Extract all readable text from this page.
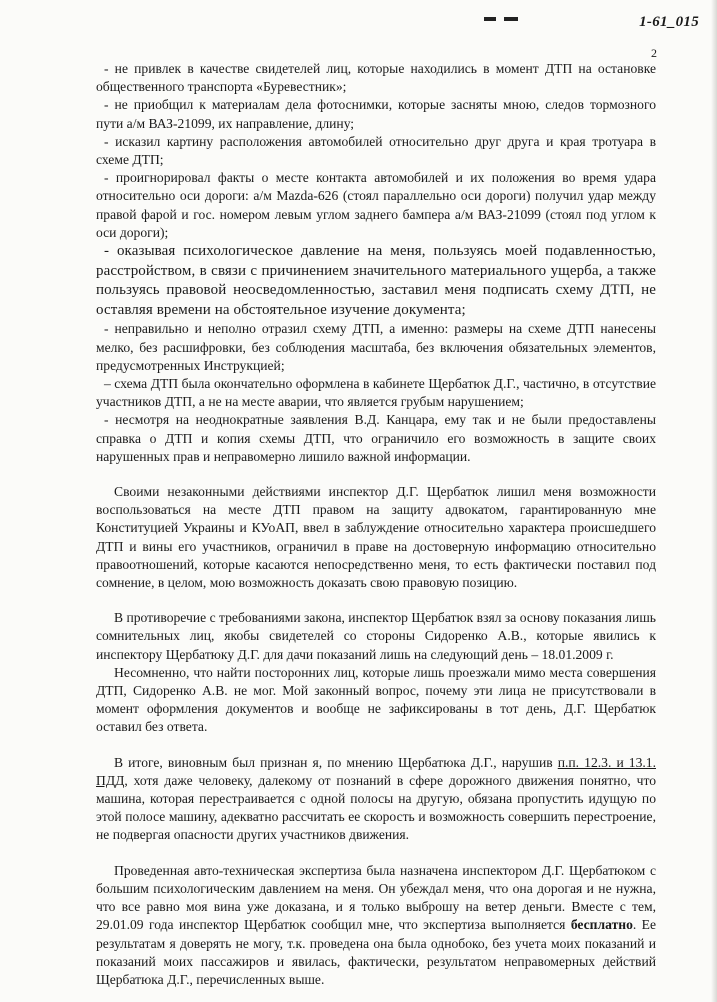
1-61_015
2

- не привлек в качестве свидетелей лиц, которые находились в момент ДТП на остановке общественного транспорта «Буревестник»;

- не приобщил к материалам дела фотоснимки, которые засняты мною, следов тормозного пути а/м ВАЗ-21099, их направление, длину;

- исказил картину расположения автомобилей относительно друг друга и края тротуара в схеме ДТП;

- проигнорировал факты о месте контакта автомобилей и их положения во время удара относительно оси дороги: а/м Mazda-626 (стоял параллельно оси дороги) получил удар между правой фарой и гос. номером левым углом заднего бампера а/м ВАЗ-21099 (стоял под углом к оси дороги);

- оказывая психологическое давление на меня, пользуясь моей подавленностью, расстройством, в связи с причинением значительного материального ущерба, а также пользуясь правовой неосведомленностью, заставил меня подписать схему ДТП, не оставляя времени на обстоятельное изучение документа;

- неправильно и неполно отразил схему ДТП, а именно: размеры на схеме ДТП нанесены мелко, без расшифровки, без соблюдения масштаба, без включения обязательных элементов, предусмотренных Инструкцией;

– схема ДТП была окончательно оформлена в кабинете Щербатюк Д.Г., частично, в отсутствие участников ДТП, а не на месте аварии, что является грубым нарушением;

- несмотря на неоднократные заявления В.Д. Канцара, ему так и не были предоставлены справка о ДТП и копия схемы ДТП, что ограничило его возможность в защите своих нарушенных прав и неправомерно лишило важной информации.

Своими незаконными действиями инспектор Д.Г. Щербатюк лишил меня возможности воспользоваться на месте ДТП правом на защиту адвокатом, гарантированную мне Конституцией Украины и КУоАП, ввел в заблуждение относительно характера происшедшего ДТП и вины его участников, ограничил в праве на достоверную информацию относительно правоотношений, которые касаются непосредственно меня, то есть фактически поставил под сомнение, в целом, мою возможность доказать свою правовую позицию.

В противоречие с требованиями закона, инспектор Щербатюк взял за основу показания лишь сомнительных лиц, якобы свидетелей со стороны Сидоренко А.В., которые явились к инспектору Щербатюку Д.Г. для дачи показаний лишь на следующий день – 18.01.2009 г.

Несомненно, что найти посторонних лиц, которые лишь проезжали мимо места совершения ДТП, Сидоренко А.В. не мог. Мой законный вопрос, почему эти лица не присутствовали в момент оформления документов и вообще не зафиксированы в тот день, Д.Г. Щербатюк оставил без ответа.

В итоге, виновным был признан я, по мнению Щербатюка Д.Г., нарушив п.п. 12.3. и 13.1. ПДД, хотя даже человеку, далекому от познаний в сфере дорожного движения понятно, что машина, которая перестраивается с одной полосы на другую, обязана пропустить идущую по этой полосе машину, адекватно рассчитать ее скорость и возможность совершить перестроение, не подвергая опасности других участников движения.

Проведенная авто-техническая экспертиза была назначена инспектором Д.Г. Щербатюком с большим психологическим давлением на меня. Он убеждал меня, что она дорогая и не нужна, что все равно моя вина уже доказана, и я только выброшу на ветер деньги. Вместе с тем, 29.01.09 года инспектор Щербатюк сообщил мне, что экспертиза выполняется бесплатно. Ее результатам я доверять не могу, т.к. проведена она была однобоко, без учета моих показаний и показаний моих пассажиров и явилась, фактически, результатом неправомерных действий Щербатюка Д.Г., перечисленных выше.
